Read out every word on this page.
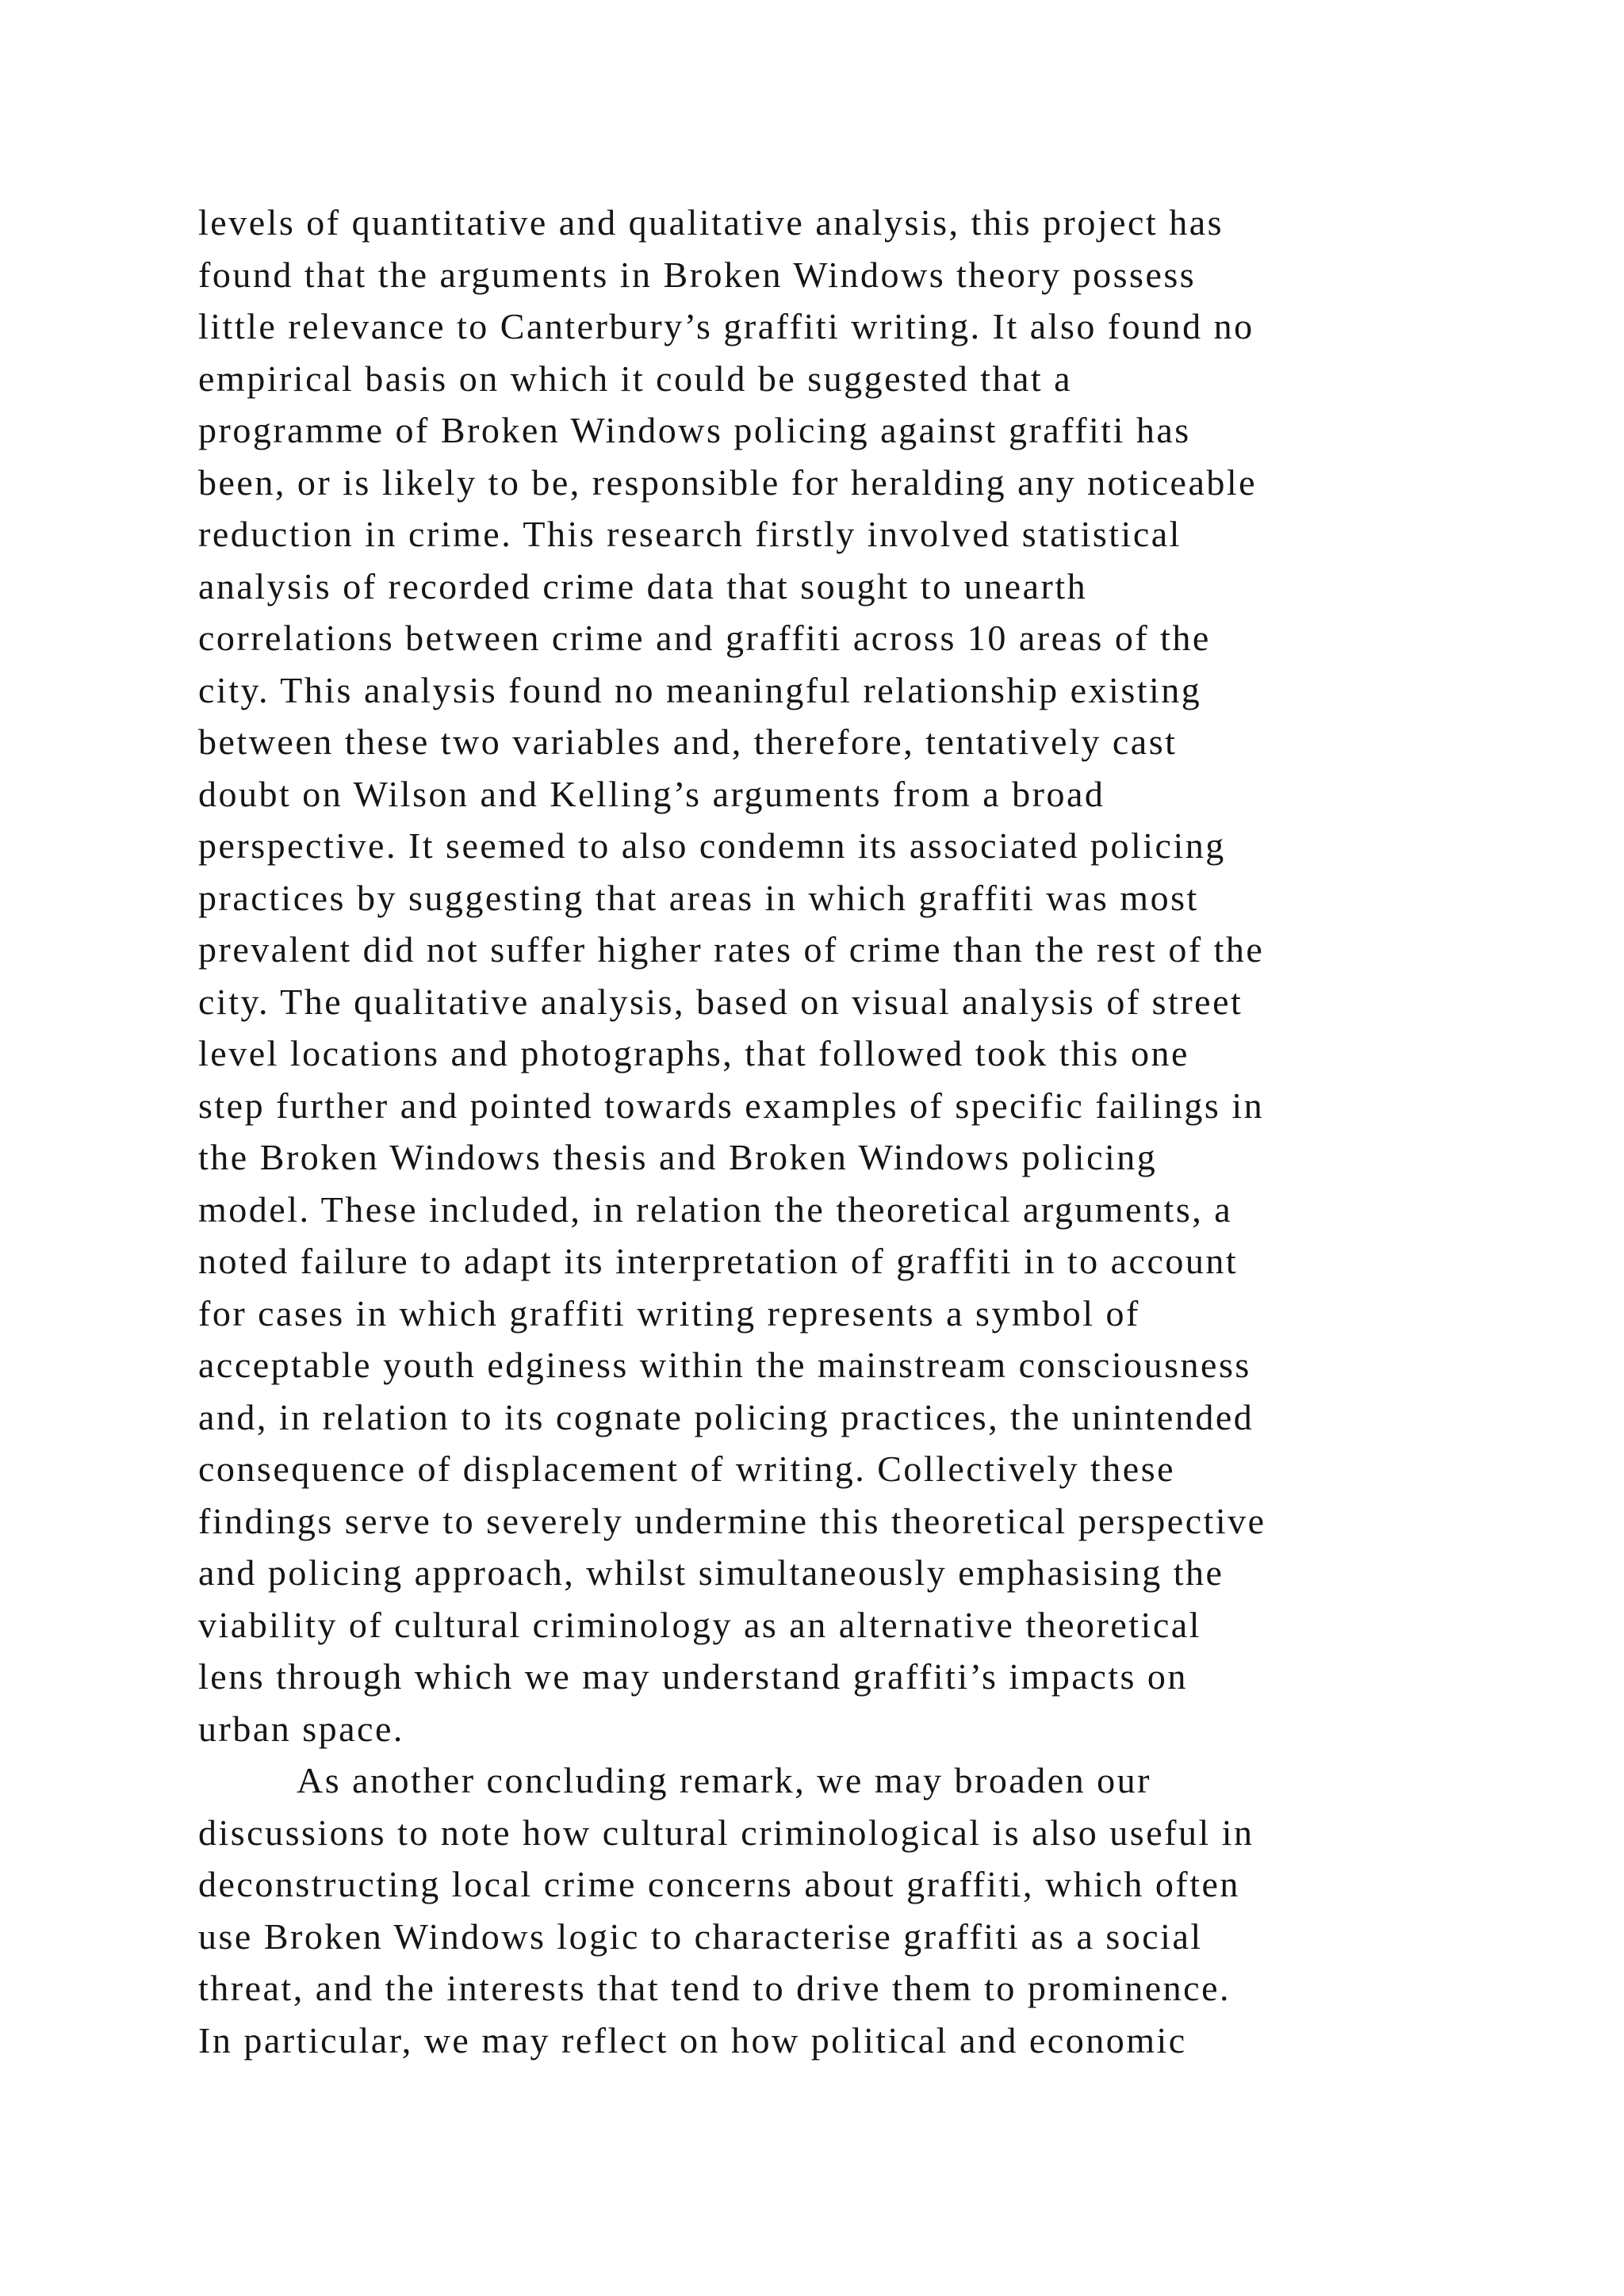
levels of quantitative and qualitative analysis, this project has
found that the arguments in Broken Windows theory possess
little relevance to Canterbury’s graffiti writing. It also found no
empirical basis on which it could be suggested that a
programme of Broken Windows policing against graffiti has
been, or is likely to be, responsible for heralding any noticeable
reduction in crime. This research firstly involved statistical
analysis of recorded crime data that sought to unearth
correlations between crime and graffiti across 10 areas of the
city. This analysis found no meaningful relationship existing
between these two variables and, therefore, tentatively cast
doubt on Wilson and Kelling’s arguments from a broad
perspective. It seemed to also condemn its associated policing
practices by suggesting that areas in which graffiti was most
prevalent did not suffer higher rates of crime than the rest of the
city. The qualitative analysis, based on visual analysis of street
level locations and photographs, that followed took this one
step further and pointed towards examples of specific failings in
the Broken Windows thesis and Broken Windows policing
model. These included, in relation the theoretical arguments, a
noted failure to adapt its interpretation of graffiti in to account
for cases in which graffiti writing represents a symbol of
acceptable youth edginess within the mainstream consciousness
and, in relation to its cognate policing practices, the unintended
consequence of displacement of writing. Collectively these
findings serve to severely undermine this theoretical perspective
and policing approach, whilst simultaneously emphasising the
viability of cultural criminology as an alternative theoretical
lens through which we may understand graffiti’s impacts on
urban space.
As another concluding remark, we may broaden our
discussions to note how cultural criminological is also useful in
deconstructing local crime concerns about graffiti, which often
use Broken Windows logic to characterise graffiti as a social
threat, and the interests that tend to drive them to prominence.
In particular, we may reflect on how political and economic
